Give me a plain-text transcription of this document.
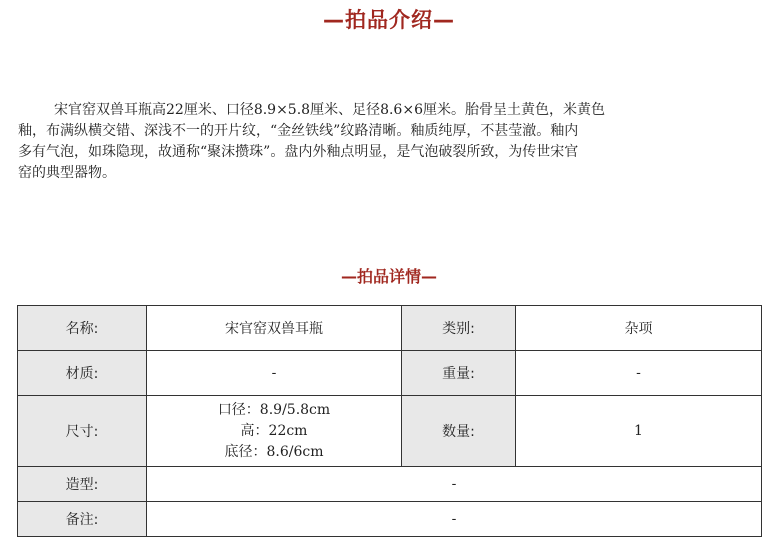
—拍品介绍—
宋官窑双兽耳瓶高22厘米、口径8.9×5.8厘米、足径8.6×6厘米。胎骨呈土黄色，米黄色
釉，布满纵横交错、深浅不一的开片纹，“金丝铁线”纹路清晰。釉质纯厚，不甚莹澈。釉内
多有气泡，如珠隐现，故通称“聚沫攒珠”。盘内外釉点明显，是气泡破裂所致，为传世宋官
窑的典型器物。
—拍品详情—
名称:	宋官窑双兽耳瓶	类别:	杂项
材质:	-	重量:	-
尺寸:	口径：8.9/5.8cm
高：22cm
底径：8.6/6cm	数量:	1
造型:	-		
备注:	-		
